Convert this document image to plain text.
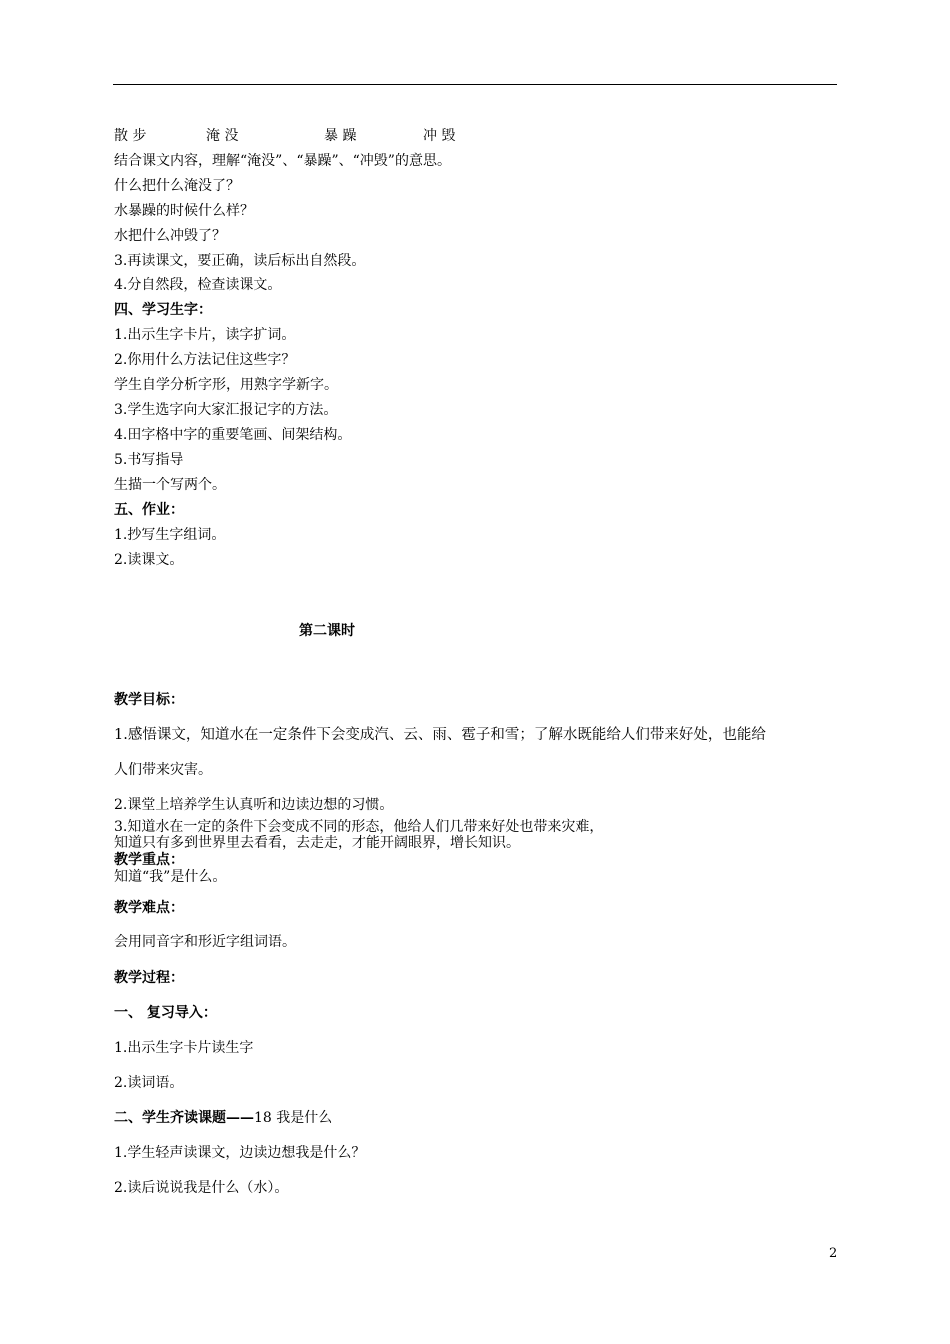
散 步	淹 没	暴 躁	冲 毁
结合课文内容，理解“淹没”、“暴躁”、“冲毁”的意思。
什么把什么淹没了？
水暴躁的时候什么样？
水把什么冲毁了？
3.再读课文，要正确，读后标出自然段。
4.分自然段，检查读课文。
四、学习生字：
1.出示生字卡片，读字扩词。
2.你用什么方法记住这些字？
学生自学分析字形，用熟字学新字。
3.学生选字向大家汇报记字的方法。
4.田字格中字的重要笔画、间架结构。
5.书写指导
生描一个写两个。
五、作业：
1.抄写生字组词。
2.读课文。
第二课时
教学目标：
1.感悟课文，知道水在一定条件下会变成汽、云、雨、雹子和雪；了解水既能给人们带来好处，也能给
人们带来灾害。
2.课堂上培养学生认真听和边读边想的习惯。
3.知道水在一定的条件下会变成不同的形态，他给人们几带来好处也带来灾难，
知道只有多到世界里去看看，去走走，才能开阔眼界，增长知识。
教学重点：
知道“我”是什么。
教学难点：
会用同音字和形近字组词语。
教学过程：
一、 复习导入：
1.出示生字卡片读生字
2.读词语。
二、学生齐读课题——18 我是什么
1.学生轻声读课文，边读边想我是什么？
2.读后说说我是什么（水）。
2
